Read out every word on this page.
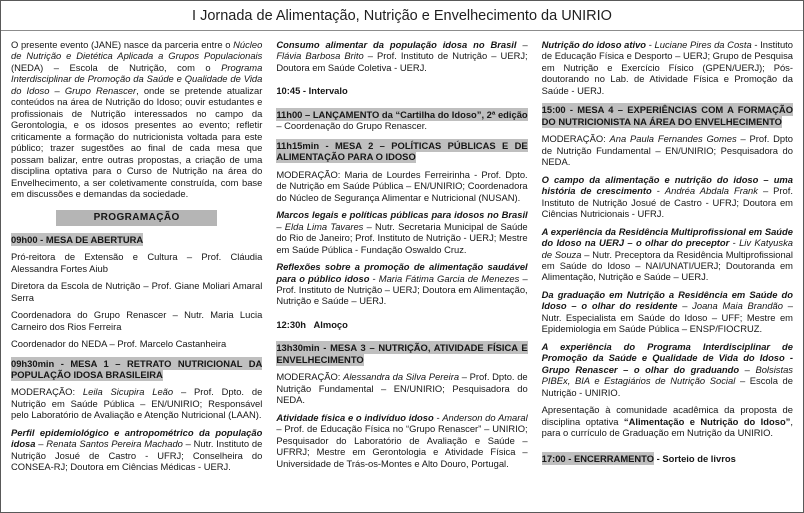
I Jornada de Alimentação, Nutrição e Envelhecimento da UNIRIO
O presente evento (JANE) nasce da parceria entre o Núcleo de Nutrição e Dietética Aplicada a Grupos Populacionais (NEDA) – Escola de Nutrição, com o Programa Interdisciplinar de Promoção da Saúde e Qualidade de Vida do Idoso – Grupo Renascer, onde se pretende atualizar conteúdos na área de Nutrição do Idoso; ouvir estudantes e profissionais de Nutrição interessados no campo da Gerontologia, e os idosos presentes ao evento; refletir criticamente a formação do nutricionista voltada para este público; trazer sugestões ao final de cada mesa que possam balizar, entre outras propostas, a criação de uma disciplina optativa para o Curso de Nutrição na área do Envelhecimento, a ser coletivamente construída, com base em discussões e demandas da sociedade.
PROGRAMAÇÃO
09h00 - MESA DE ABERTURA
Pró-reitora de Extensão e Cultura – Prof. Cláudia Alessandra Fortes Aiub
Diretora da Escola de Nutrição – Prof. Giane Moliari Amaral Serra
Coordenadora do Grupo Renascer – Nutr. Maria Lucia Carneiro dos Rios Ferreira
Coordenador do NEDA – Prof. Marcelo Castanheira
09h30min - MESA 1 – RETRATO NUTRICIONAL DA POPULAÇÃO IDOSA BRASILEIRA
MODERAÇÃO: Leila Sicupira Leão – Prof. Dpto. de Nutrição em Saúde Pública – EN/UNIRIO; Responsável pelo Laboratório de Avaliação e Atenção Nutricional (LAAN).
Perfil epidemiológico e antropométrico da população idosa – Renata Santos Pereira Machado – Nutr. Instituto de Nutrição Josué de Castro - UFRJ; Conselheira do CONSEA-RJ; Doutora em Ciências Médicas - UERJ.
Consumo alimentar da população idosa no Brasil – Flávia Barbosa Brito – Prof. Instituto de Nutrição – UERJ; Doutora em Saúde Coletiva - UERJ.
10:45 - Intervalo
11h00 – LANÇAMENTO da “Cartilha do Idoso”, 2ª edição – Coordenação do Grupo Renascer.
11h15min - MESA 2 – POLÍTICAS PÚBLICAS E DE ALIMENTAÇÃO PARA O IDOSO
MODERAÇÃO: Maria de Lourdes Ferreirinha - Prof. Dpto. de Nutrição em Saúde Pública – EN/UNIRIO; Coordenadora do Núcleo de Segurança Alimentar e Nutricional (NUSAN).
Marcos legais e políticas públicas para idosos no Brasil – Elda Lima Tavares – Nutr. Secretaria Municipal de Saúde do Rio de Janeiro; Prof. Instituto de Nutrição - UERJ; Mestre em Saúde Pública - Fundação Oswaldo Cruz.
Reflexões sobre a promoção de alimentação saudável para o público idoso - Maria Fátima Garcia de Menezes – Prof. Instituto de Nutrição – UERJ; Doutora em Alimentação, Nutrição e Saúde – UERJ.
12:30h   Almoço
13h30min - MESA 3 – NUTRIÇÃO, ATIVIDADE FÍSICA E ENVELHECIMENTO
MODERAÇÃO: Alessandra da Silva Pereira – Prof. Dpto. de Nutrição Fundamental – EN/UNIRIO; Pesquisadora do NEDA.
Atividade física e o indivíduo idoso - Anderson do Amaral – Prof. de Educação Física no “Grupo Renascer” – UNIRIO; Pesquisador do Laboratório de Avaliação e Saúde – UFRRJ; Mestre em Gerontologia e Atividade Física – Universidade de Trás-os-Montes e Alto Douro, Portugal.
Nutrição do idoso ativo - Luciane Pires da Costa - Instituto de Educação Física e Desporto – UERJ; Grupo de Pesquisa em Nutrição e Exercício Físico (GPEN/UERJ); Pós-doutorando no Lab. de Atividade Física e Promoção da Saúde - UERJ.
15:00 - MESA 4 – EXPERIÊNCIAS COM A FORMAÇÃO DO NUTRICIONISTA NA ÁREA DO ENVELHECIMENTO
MODERAÇÃO: Ana Paula Fernandes Gomes – Prof. Dpto de Nutrição Fundamental – EN/UNIRIO; Pesquisadora do NEDA.
O campo da alimentação e nutrição do idoso – uma história de crescimento - Andréa Abdala Frank – Prof. Instituto de Nutrição Josué de Castro - UFRJ; Doutora em Ciências Nutricionais - UFRJ.
A experiência da Residência Multiprofissional em Saúde do Idoso na UERJ – o olhar do preceptor - Liv Katyuska de Souza – Nutr. Preceptora da Residência Multiprofissional em Saúde do Idoso – NAI/UNATI/UERJ; Doutoranda em Alimentação, Nutrição e Saúde – UERJ.
Da graduação em Nutrição a Residência em Saúde do Idoso – o olhar do residente – Joana Maia Brandão – Nutr. Especialista em Saúde do Idoso – UFF; Mestre em Epidemiologia em Saúde Pública – ENSP/FIOCRUZ.
A experiência do Programa Interdisciplinar de Promoção da Saúde e Qualidade de Vida do Idoso - Grupo Renascer – o olhar do graduando – Bolsistas PIBEx, BIA e Estagiários de Nutrição Social – Escola de Nutrição - UNIRIO.
Apresentação à comunidade acadêmica da proposta de disciplina optativa “Alimentação e Nutrição do Idoso”, para o currículo de Graduação em Nutrição da UNIRIO.
17:00 - ENCERRAMENTO - Sorteio de livros
